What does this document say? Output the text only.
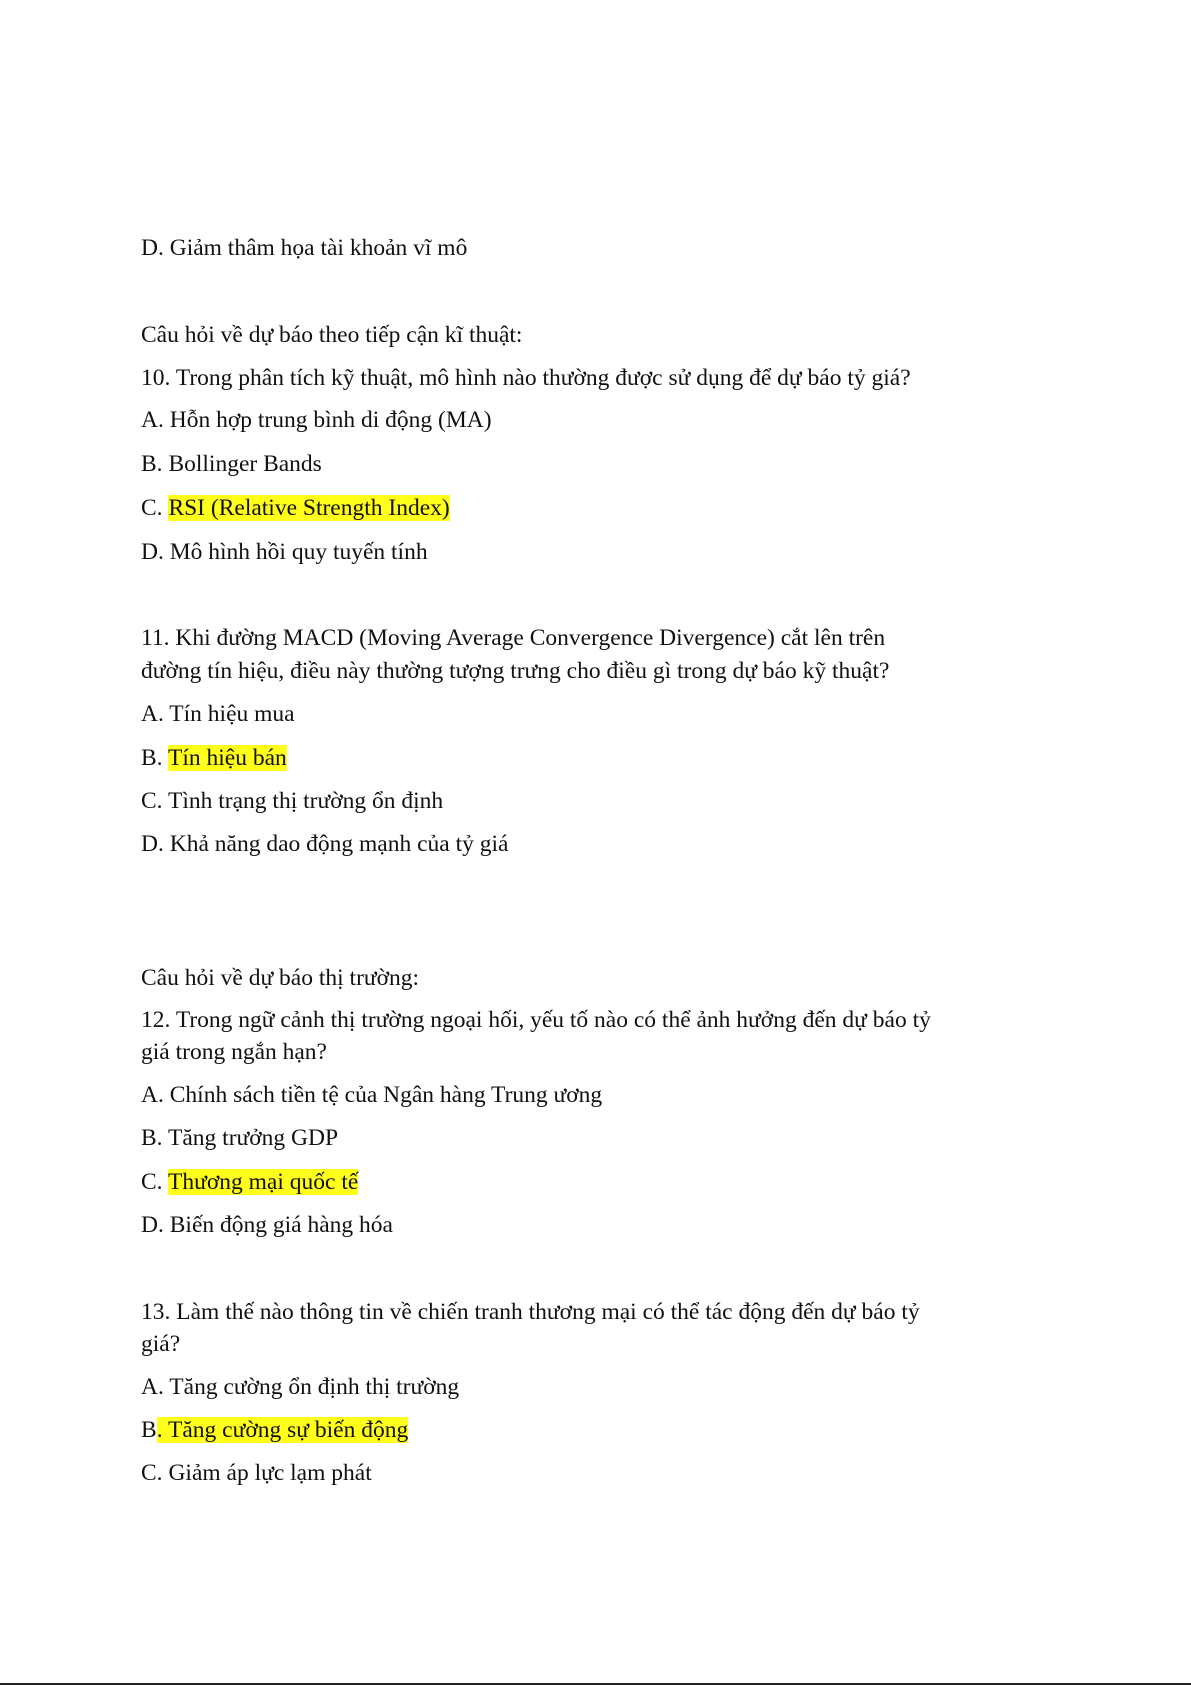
D. Giảm thâm họa tài khoản vĩ mô

Câu hỏi về dự báo theo tiếp cận kĩ thuật:

10. Trong phân tích kỹ thuật, mô hình nào thường được sử dụng để dự báo tỷ giá?

A. Hỗn hợp trung bình di động (MA)

B. Bollinger Bands

C. RSI (Relative Strength Index)

D. Mô hình hồi quy tuyến tính

11. Khi đường MACD (Moving Average Convergence Divergence) cắt lên trên

đường tín hiệu, điều này thường tượng trưng cho điều gì trong dự báo kỹ thuật?

A. Tín hiệu mua

B. Tín hiệu bán

C. Tình trạng thị trường ổn định

D. Khả năng dao động mạnh của tỷ giá

Câu hỏi về dự báo thị trường:

12. Trong ngữ cảnh thị trường ngoại hối, yếu tố nào có thể ảnh hưởng đến dự báo tỷ

giá trong ngắn hạn?

A. Chính sách tiền tệ của Ngân hàng Trung ương

B. Tăng trưởng GDP

C. Thương mại quốc tế

D. Biến động giá hàng hóa

13. Làm thế nào thông tin về chiến tranh thương mại có thể tác động đến dự báo tỷ

giá?

A. Tăng cường ổn định thị trường

B. Tăng cường sự biến động

C. Giảm áp lực lạm phát
